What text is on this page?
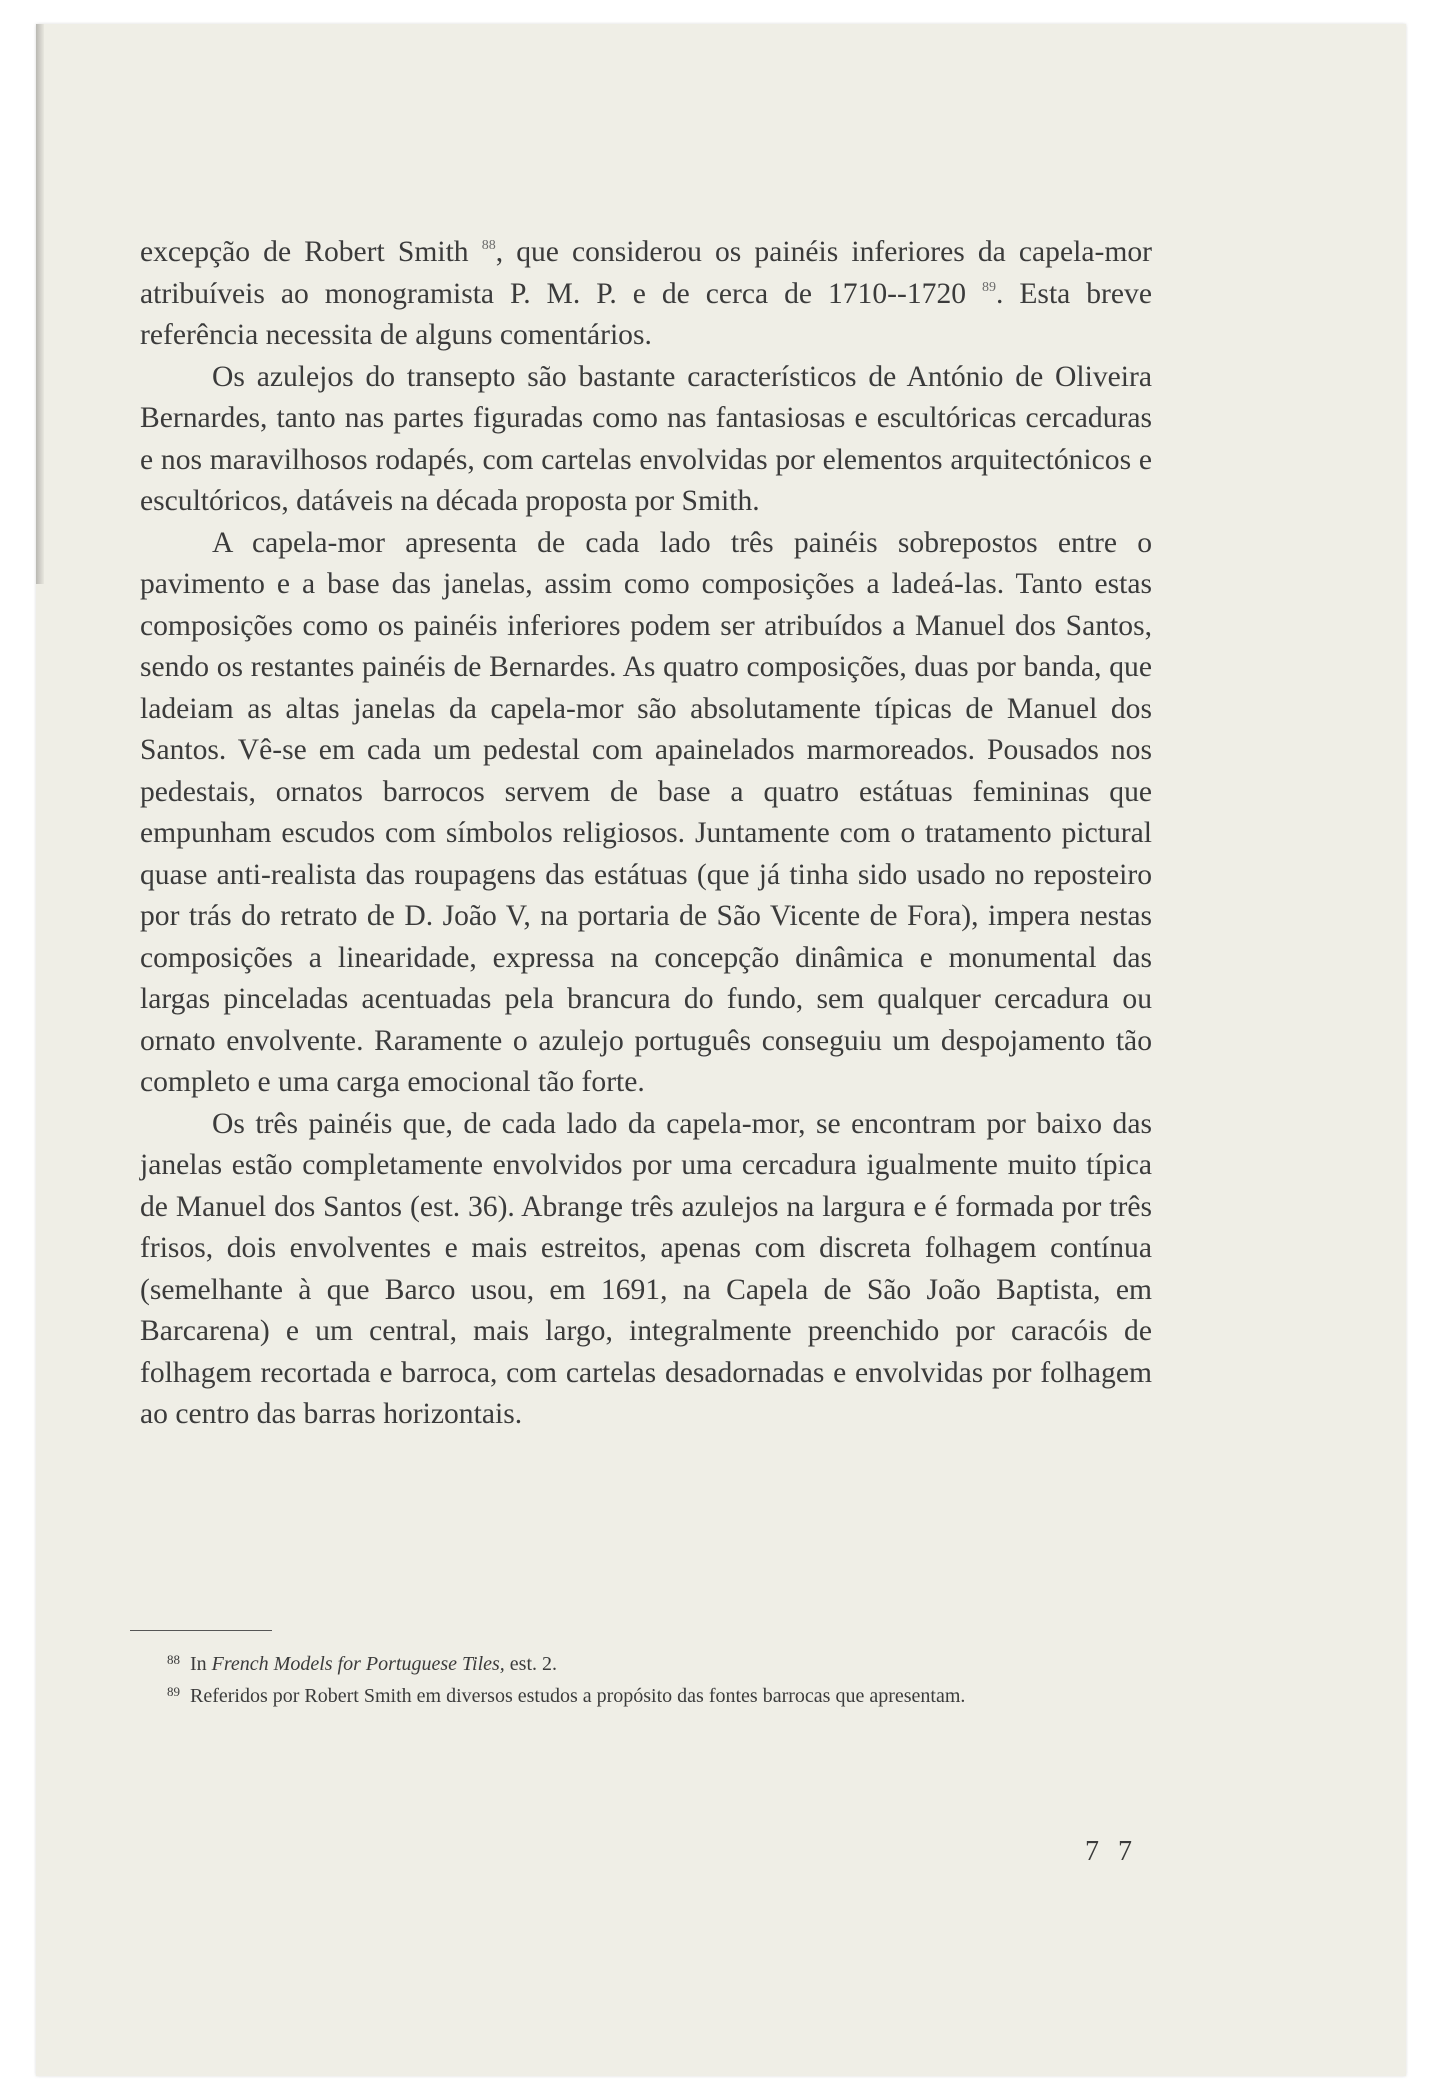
excepção de Robert Smith $^{88}$, que considerou os painéis inferiores da capela-mor atribuíveis ao monogramista P. M. P. e de cerca de 1710--1720 $^{89}$. Esta breve referência necessita de alguns comentários.

Os azulejos do transepto são bastante característicos de António de Oliveira Bernardes, tanto nas partes figuradas como nas fantasiosas e escultóricas cercaduras e nos maravilhosos rodapés, com cartelas envolvidas por elementos arquitectónicos e escultóricos, datáveis na década proposta por Smith.

A capela-mor apresenta de cada lado três painéis sobrepostos entre o pavimento e a base das janelas, assim como composições a ladeá-las. Tanto estas composições como os painéis inferiores podem ser atribuídos a Manuel dos Santos, sendo os restantes painéis de Bernardes. As quatro composições, duas por banda, que ladeiam as altas janelas da capela-mor são absolutamente típicas de Manuel dos Santos. Vê-se em cada um pedestal com apainelados marmoreados. Pousados nos pedestais, ornatos barrocos servem de base a quatro estátuas femininas que empunham escudos com símbolos religiosos. Juntamente com o tratamento pictural quase anti-realista das roupagens das estátuas (que já tinha sido usado no reposteiro por trás do retrato de D. João V, na portaria de São Vicente de Fora), impera nestas composições a linearidade, expressa na concepção dinâmica e monumental das largas pinceladas acentuadas pela brancura do fundo, sem qualquer cercadura ou ornato envolvente. Raramente o azulejo português conseguiu um despojamento tão completo e uma carga emocional tão forte.

Os três painéis que, de cada lado da capela-mor, se encontram por baixo das janelas estão completamente envolvidos por uma cercadura igualmente muito típica de Manuel dos Santos (est. 36). Abrange três azulejos na largura e é formada por três frisos, dois envolventes e mais estreitos, apenas com discreta folhagem contínua (semelhante à que Barco usou, em 1691, na Capela de São João Baptista, em Barcarena) e um central, mais largo, integralmente preenchido por caracóis de folhagem recortada e barroca, com cartelas desadornadas e envolvidas por folhagem ao centro das barras horizontais.

$^{88}$ In French Models for Portuguese Tiles, est. 2.

$^{89}$ Referidos por Robert Smith em diversos estudos a propósito das fontes barrocas que apresentam.

7 7
